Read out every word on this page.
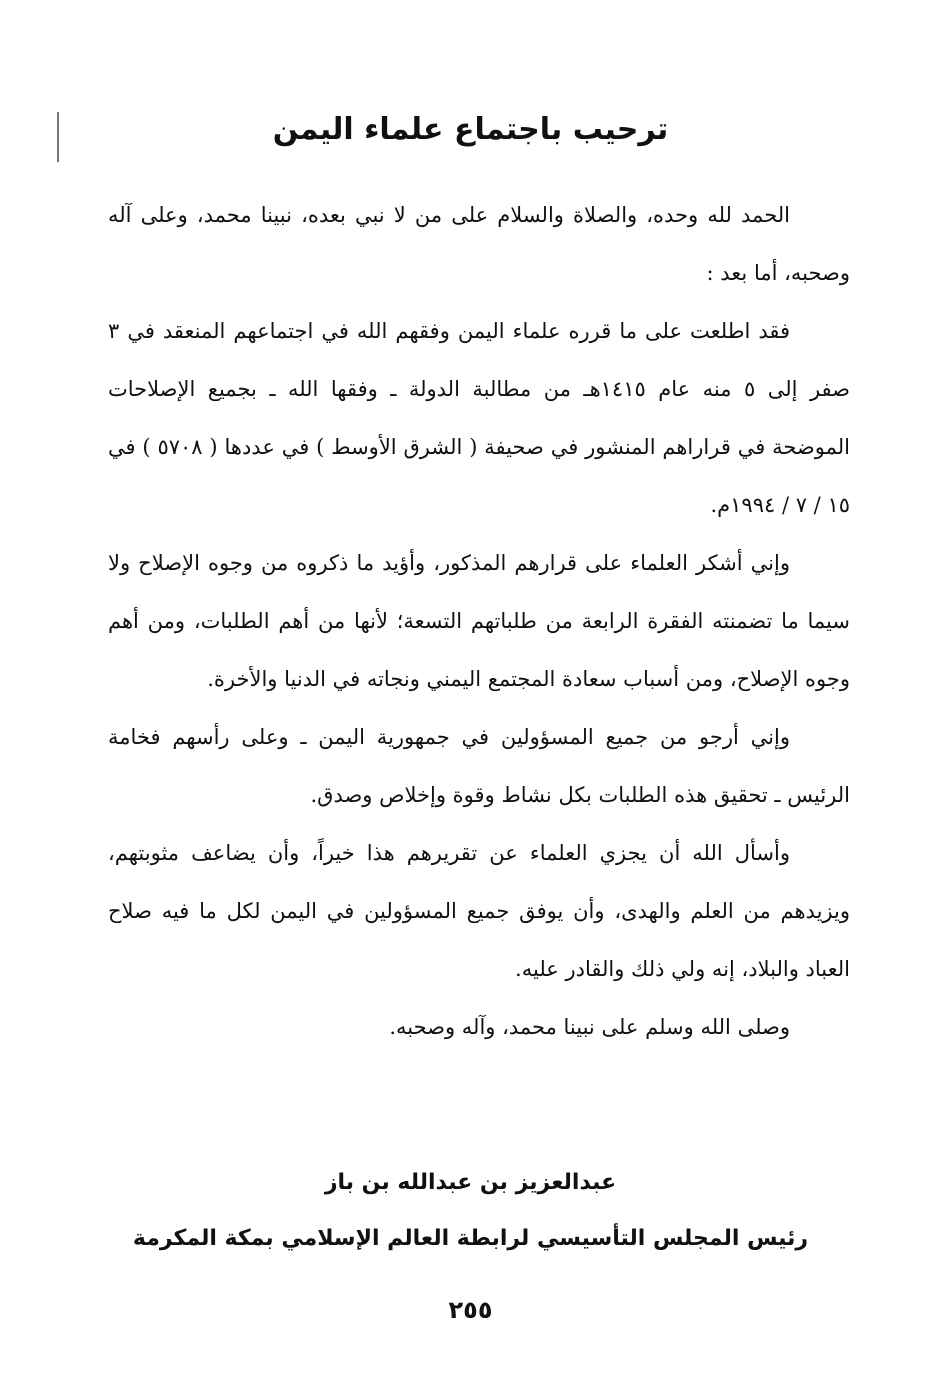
ترحيب باجتماع علماء اليمن

الحمد لله وحده، والصلاة والسلام على من لا نبي بعده، نبينا محمد، وعلى آله وصحبه، أما بعد :

فقد اطلعت على ما قرره علماء اليمن وفقهم الله في اجتماعهم المنعقد في ٣ صفر إلى ٥ منه عام ١٤١٥هـ من مطالبة الدولة ـ وفقها الله ـ بجميع الإصلاحات الموضحة في قراراهم المنشور في صحيفة ( الشرق الأوسط ) في عددها ( ٥٧٠٨ ) في ١٥ / ٧ / ١٩٩٤م.

وإني أشكر العلماء على قرارهم المذكور، وأؤيد ما ذكروه من وجوه الإصلاح ولا سيما ما تضمنته الفقرة الرابعة من طلباتهم التسعة؛ لأنها من أهم الطلبات، ومن أهم وجوه الإصلاح، ومن أسباب سعادة المجتمع اليمني ونجاته في الدنيا والأخرة.

وإني أرجو من جميع المسؤولين في جمهورية اليمن ـ وعلى رأسهم فخامة الرئيس ـ تحقيق هذه الطلبات بكل نشاط وقوة وإخلاص وصدق.

وأسأل الله أن يجزي العلماء عن تقريرهم هذا خيراً، وأن يضاعف مثوبتهم، ويزيدهم من العلم والهدى، وأن يوفق جميع المسؤولين في اليمن لكل ما فيه صلاح العباد والبلاد، إنه ولي ذلك والقادر عليه.

وصلى الله وسلم على نبينا محمد، وآله وصحبه.

عبدالعزيز بن عبدالله بن باز

رئيس المجلس التأسيسي لرابطة العالم الإسلامي بمكة المكرمة

٢٥٥
